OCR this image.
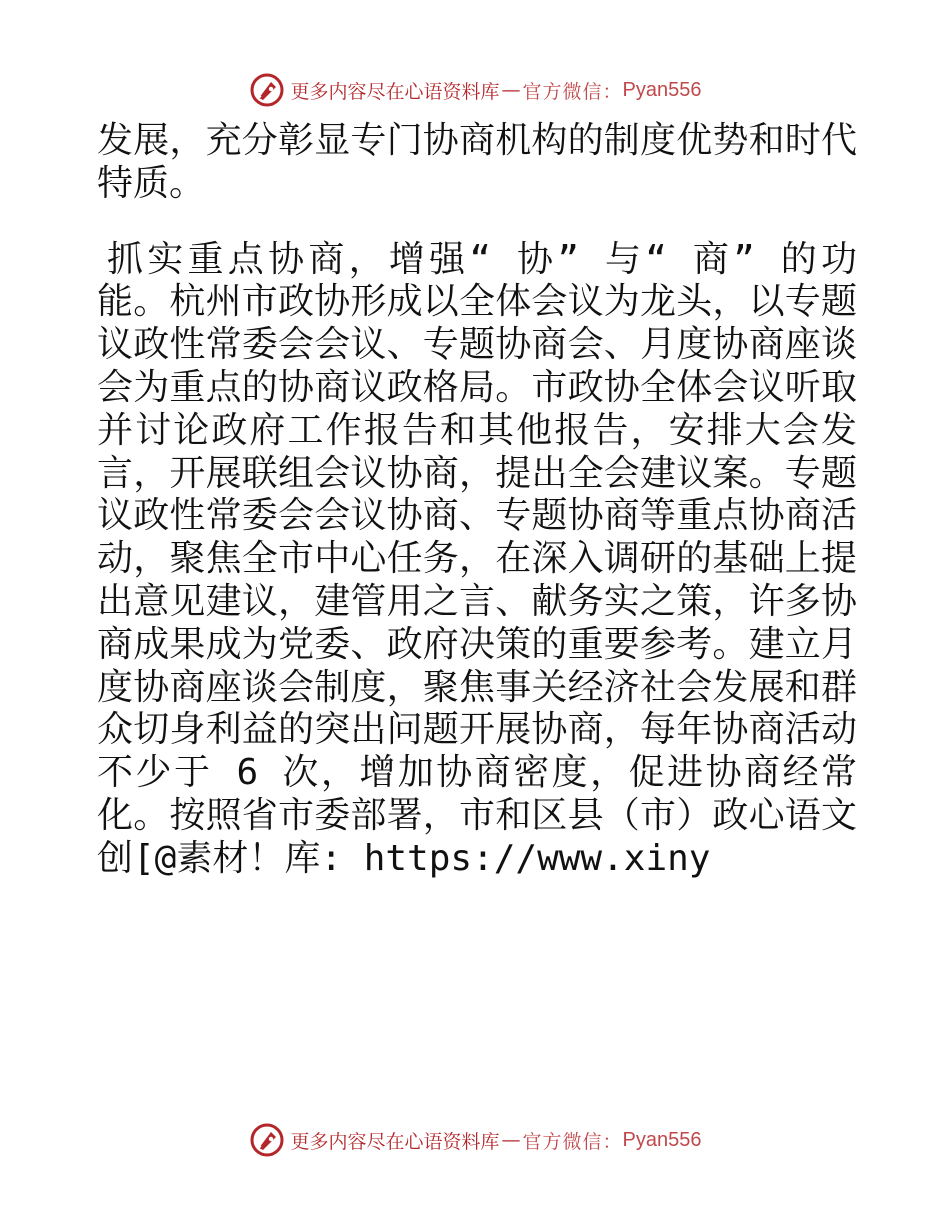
更多内容尽在心语资料库 — 官方微信： Pyan556

发展，充分彰显专门协商机构的制度优势和时代特质。

抓实重点协商，增强“ 协” 与“ 商” 的功 能。杭州市政协形成以全体会议为龙头，以专题议政性常委会会议、专题协商会、月度协商座谈会为重点的协商议政格局。市政协全体会议听取并讨论政府工作报告和其他报告，安排大会发言，开展联组会议协商，提出全会建议案。专题议政性常委会会议协商、专题协商等重点协商活动，聚焦全市中心任务，在深入调研的基础上提出意见建议，建管用之言、献务实之策，许多协商成果成为党委、政府决策的重要参考。建立月度协商座谈会制度，聚焦事关经济社会发展和群众切身利益的突出问题开展协商，每年协商活动不少于 6 次，增加协商密度，促进协商经常化。按照省市委部署，市和区县（市）政心语文创[@素材！库: https://www.xiny

更多内容尽在心语资料库 — 官方微信： Pyan556
